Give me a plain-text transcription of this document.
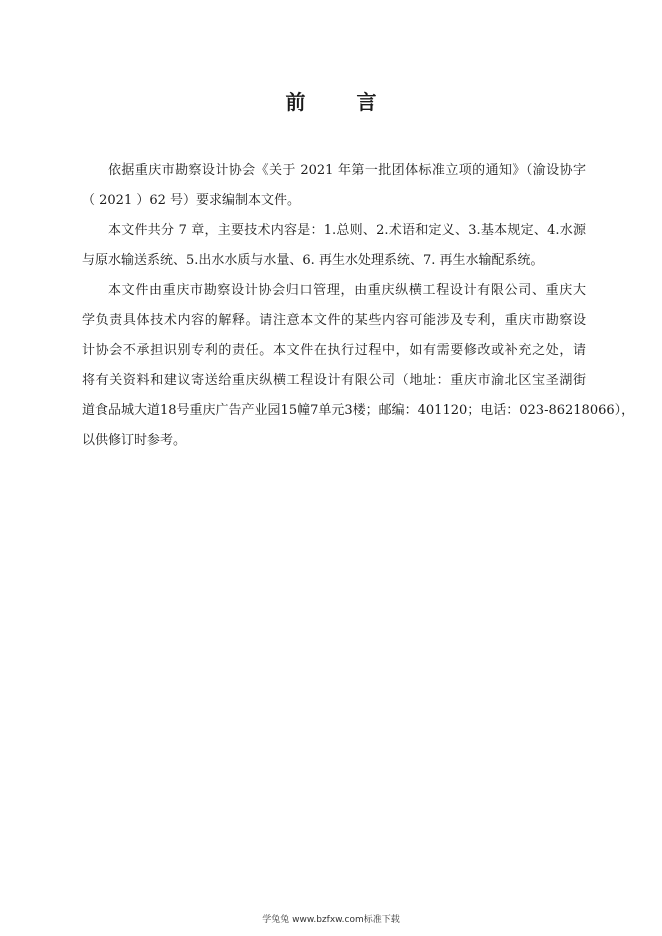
前 言
依据重庆市勘察设计协会《关于 2021 年第一批团体标准立项的通知》（渝设协字
（ 2021 ）62 号）要求编制本文件。
本文件共分 7 章，主要技术内容是：1.总则、2.术语和定义、3.基本规定、4.水源
与原水输送系统、5.出水水质与水量、6. 再生水处理系统、7. 再生水输配系统。
本文件由重庆市勘察设计协会归口管理，由重庆纵横工程设计有限公司、重庆大
学负责具体技术内容的解释。请注意本文件的某些内容可能涉及专利，重庆市勘察设
计协会不承担识别专利的责任。本文件在执行过程中，如有需要修改或补充之处，请
将有关资料和建议寄送给重庆纵横工程设计有限公司（地址：重庆市渝北区宝圣湖街
道食品城大道18号重庆广告产业园15幢7单元3楼；邮编：401120；电话：023-86218066），
以供修订时参考。
学兔兔 www.bzfxw.com标准下载
